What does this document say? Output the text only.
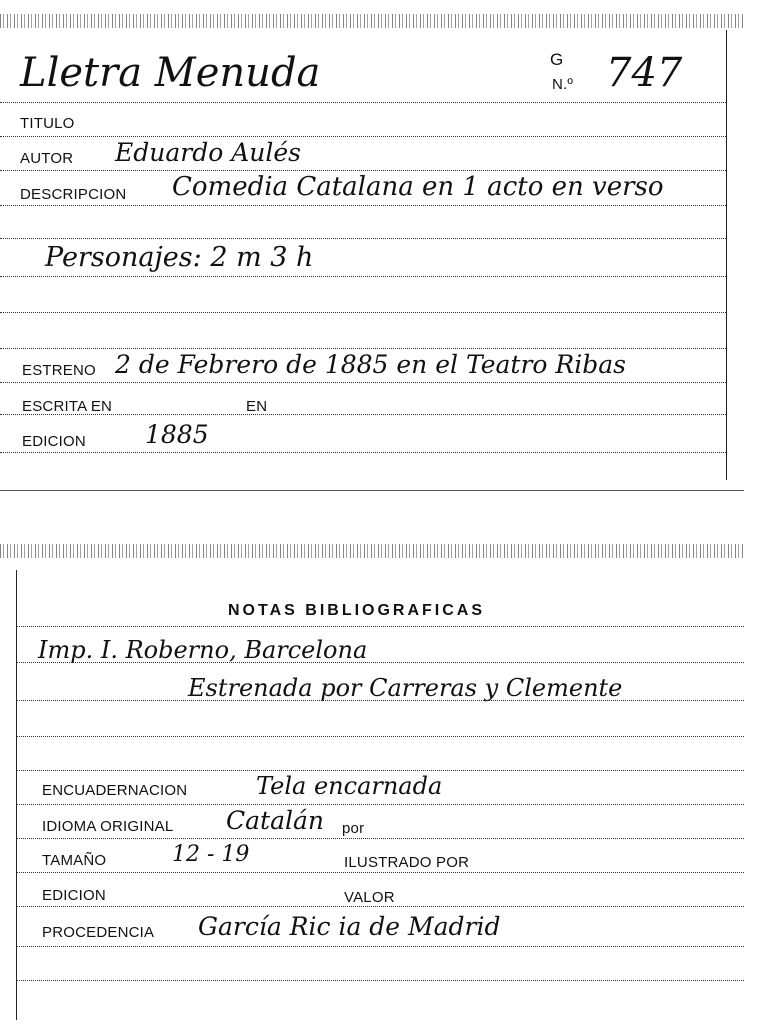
Lletra Menuda	G
N.º 747
TITULO
AUTOR Eduardo Aulés
DESCRIPCION Comedia Catalana en 1 acto en verso
Personajes: 2 m 3 h
ESTRENO 2 de Febrero de 1885 en el Teatro Ribas
ESCRITA EN	EN
EDICION 1885
NOTAS BIBLIOGRAFICAS
Imp. I. Roberno, Barcelona
Estrenada por Carreras y Clemente
ENCUADERNACION	Tela encarnada
IDIOMA ORIGINAL Catalán por
TAMAÑO	12 - 19	ILUSTRADO POR
EDICION	VALOR
PROCEDENCIA García Ric ia de Madrid
